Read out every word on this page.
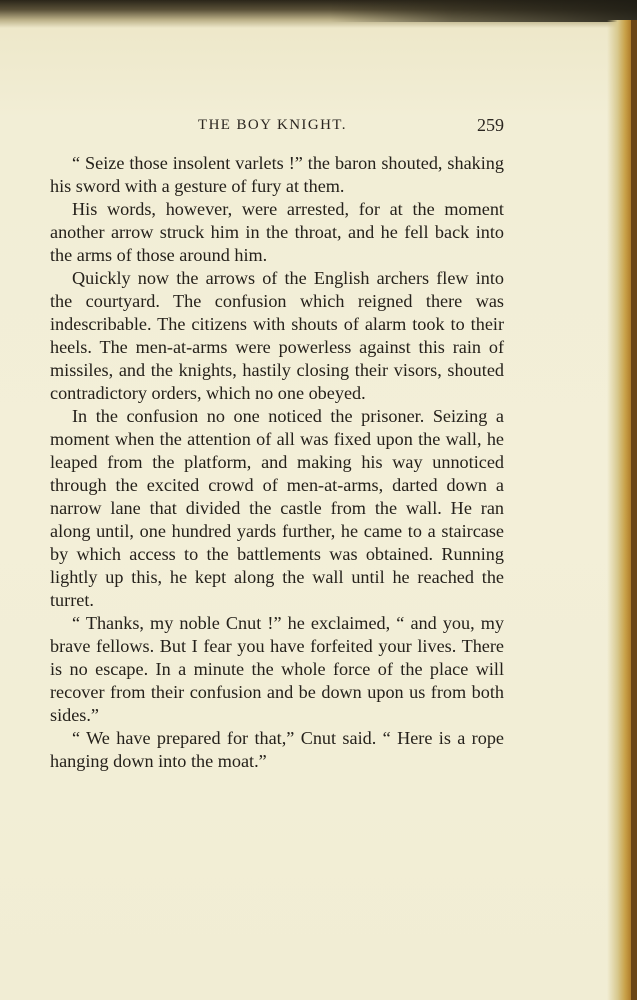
THE BOY KNIGHT.	259

“ Seize those insolent varlets !” the baron shouted, shaking his sword with a gesture of fury at them.

His words, however, were arrested, for at the moment another arrow struck him in the throat, and he fell back into the arms of those around him.

Quickly now the arrows of the English archers flew into the courtyard. The confusion which reigned there was indescribable. The citizens with shouts of alarm took to their heels. The men-at-arms were powerless against this rain of missiles, and the knights, hastily closing their visors, shouted contradictory orders, which no one obeyed.

In the confusion no one noticed the prisoner. Seizing a moment when the attention of all was fixed upon the wall, he leaped from the platform, and making his way unnoticed through the excited crowd of men-at-arms, darted down a narrow lane that divided the castle from the wall. He ran along until, one hundred yards further, he came to a staircase by which access to the battlements was obtained. Running lightly up this, he kept along the wall until he reached the turret.

“ Thanks, my noble Cnut !” he exclaimed, “ and you, my brave fellows. But I fear you have forfeited your lives. There is no escape. In a minute the whole force of the place will recover from their confusion and be down upon us from both sides.”

“ We have prepared for that,” Cnut said. “ Here is a rope hanging down into the moat.”
